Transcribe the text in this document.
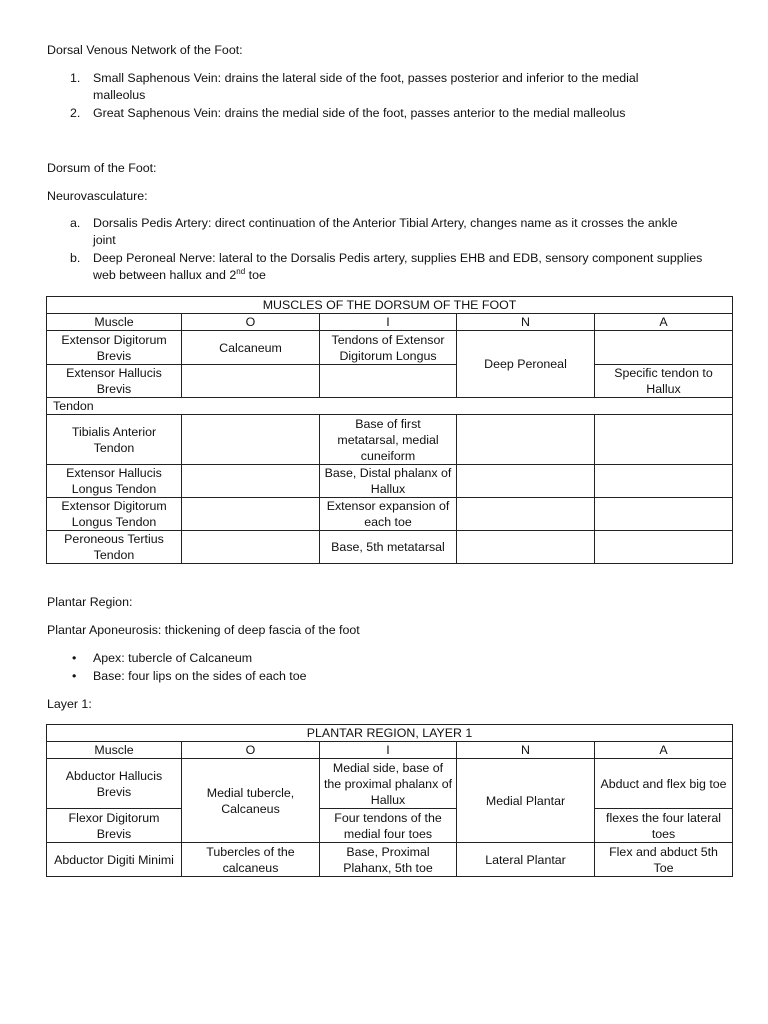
Dorsal Venous Network of the Foot:
1.	Small Saphenous Vein: drains the lateral side of the foot, passes posterior and inferior to the medial
malleolus
2.	Great Saphenous Vein: drains the medial side of the foot, passes anterior to the medial malleolus
Dorsum of the Foot:
Neurovasculature:
a.	Dorsalis Pedis Artery: direct continuation of the Anterior Tibial Artery, changes name as it crosses the ankle
joint
b.	Deep Peroneal Nerve: lateral to the Dorsalis Pedis artery, supplies EHB and EDB, sensory component supplies
web between hallux and 2nd toe
MUSCLES OF THE DORSUM OF THE FOOT				
Muscle	O	I	N	A
Extensor Digitorum Brevis	Calcaneum	Tendons of Extensor Digitorum Longus	Deep Peroneal	
Extensor Hallucis Brevis				Specific tendon to Hallux
Tendon				
Tibialis Anterior Tendon		Base of first metatarsal, medial cuneiform		
Extensor Hallucis Longus Tendon		Base, Distal phalanx of Hallux		
Extensor Digitorum Longus Tendon		Extensor expansion of each toe		
Peroneous Tertius Tendon		Base, 5th metatarsal		
Plantar Region:
Plantar Aponeurosis: thickening of deep fascia of the foot
• Apex: tubercle of Calcaneum
• Base: four lips on the sides of each toe
Layer 1:
PLANTAR REGION, LAYER 1				
Muscle	O	I	N	A
Abductor Hallucis Brevis	Medial tubercle, Calcaneus	Medial side, base of the proximal phalanx of Hallux	Medial Plantar	Abduct and flex big toe
Flexor Digitorum Brevis		Four tendons of the medial four toes		flexes the four lateral toes
Abductor Digiti Minimi	Tubercles of the calcaneus	Base, Proximal Plahanx, 5th toe	Lateral Plantar	Flex and abduct 5th Toe
